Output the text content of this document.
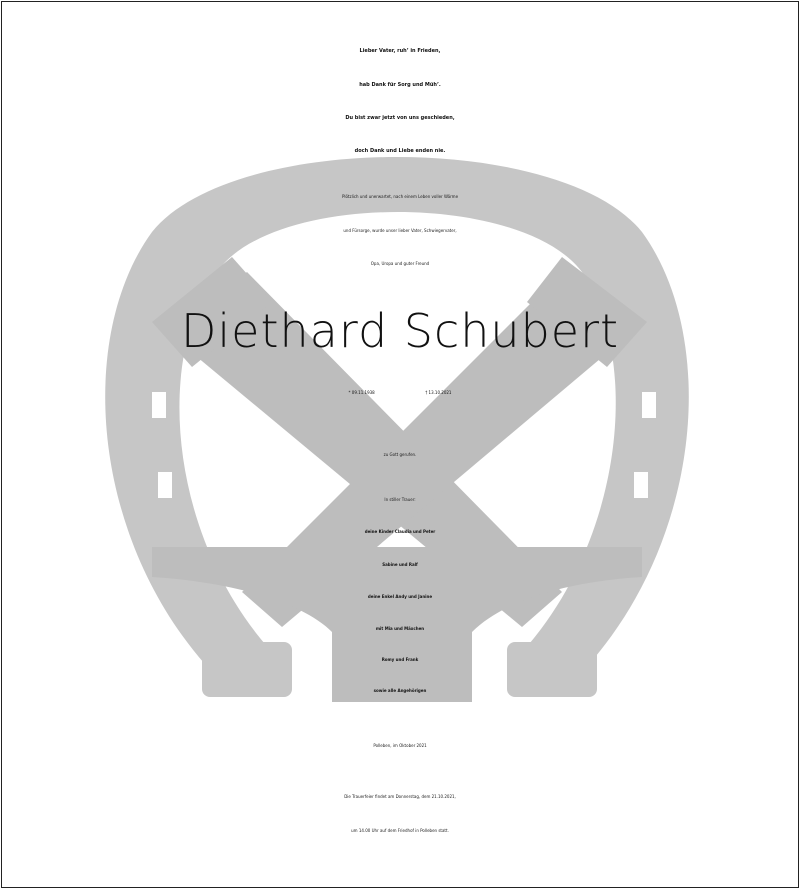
Lieber Vater, ruh’ in Frieden,
hab Dank für Sorg und Müh’.
Du bist zwar jetzt von uns geschieden,
doch Dank und Liebe enden nie.
Plötzlich und unerwartet, nach einem Leben voller Wärme
und Fürsorge, wurde unser lieber Vater, Schwiegervater,
Opa, Uropa und guter Freund
Diethard Schubert
* 09.11.1938	† 13.10.2021
zu Gott gerufen.
In stiller Trauer:
deine Kinder Claudia und Peter
Sabine und Ralf
deine Enkel Andy und Janine
mit Mia und Mäxchen
Romy und Frank
sowie alle Angehörigen
Polleben, im Oktober 2021
Die Trauerfeier findet am Donnerstag, dem 21.10.2021,
um 14.00 Uhr auf dem Friedhof in Polleben statt.
